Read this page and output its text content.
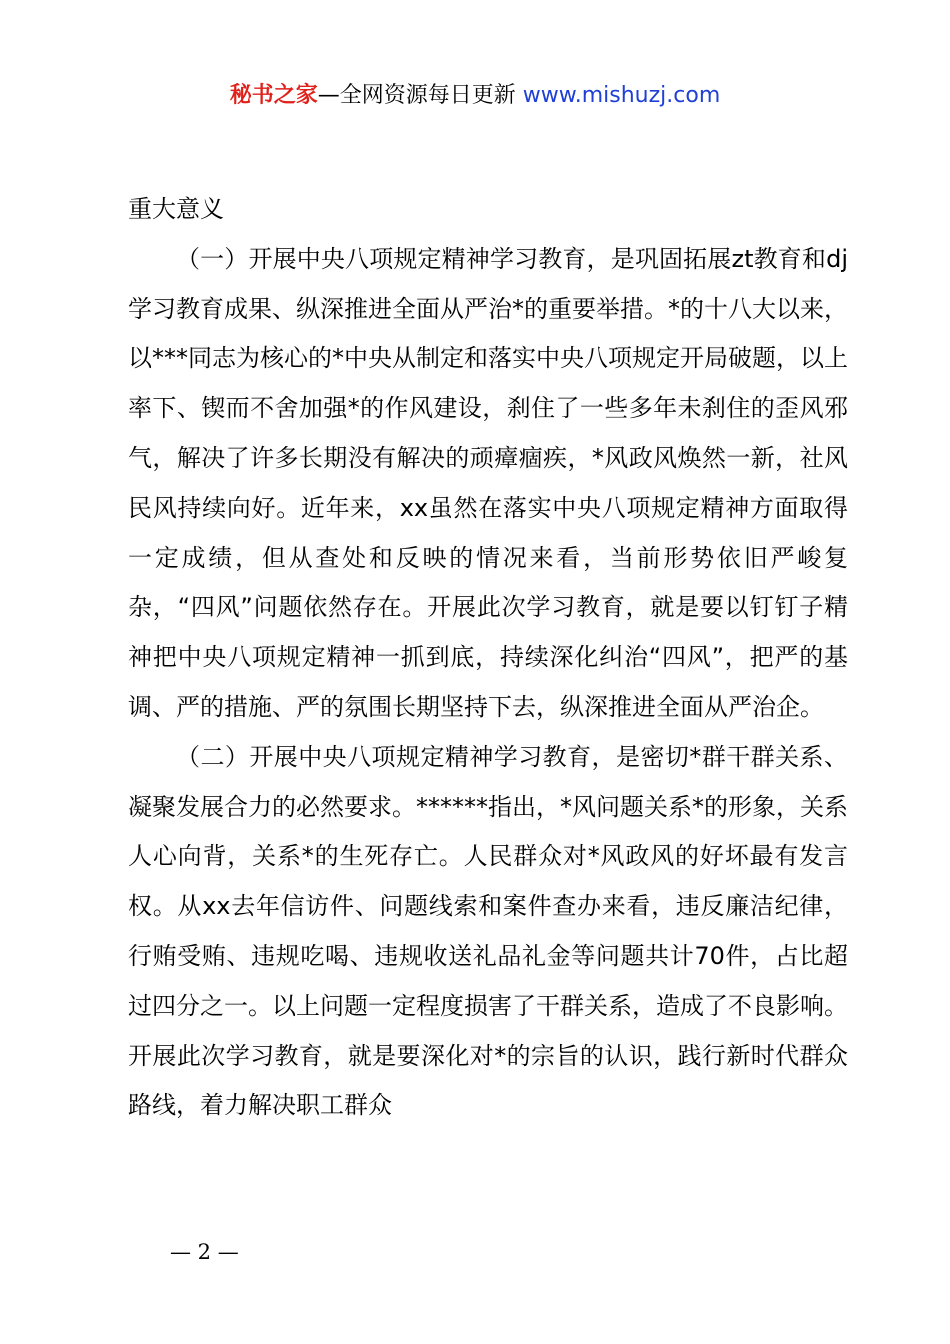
秘书之家—全网资源每日更新 www.mishuzj.com

重大意义

（一）开展中央八项规定精神学习教育，是巩固拓展zt教育和dj学习教育成果、纵深推进全面从严治*的重要举措。*的十八大以来，以***同志为核心的*中央从制定和落实中央八项规定开局破题，以上率下、锲而不舍加强*的作风建设，刹住了一些多年未刹住的歪风邪气，解决了许多长期没有解决的顽瘴痼疾，*风政风焕然一新，社风民风持续向好。近年来，xx虽然在落实中央八项规定精神方面取得一定成绩，但从查处和反映的情况来看，当前形势依旧严峻复杂，“四风”问题依然存在。开展此次学习教育，就是要以钉钉子精神把中央八项规定精神一抓到底，持续深化纠治“四风”，把严的基调、严的措施、严的氛围长期坚持下去，纵深推进全面从严治企。

（二）开展中央八项规定精神学习教育，是密切*群干群关系、凝聚发展合力的必然要求。******指出，*风问题关系*的形象，关系人心向背，关系*的生死存亡。人民群众对*风政风的好坏最有发言权。从xx去年信访件、问题线索和案件查办来看，违反廉洁纪律，行贿受贿、违规吃喝、违规收送礼品礼金等问题共计70件，占比超过四分之一。以上问题一定程度损害了干群关系，造成了不良影响。开展此次学习教育，就是要深化对*的宗旨的认识，践行新时代群众路线，着力解决职工群众

— 2 —
